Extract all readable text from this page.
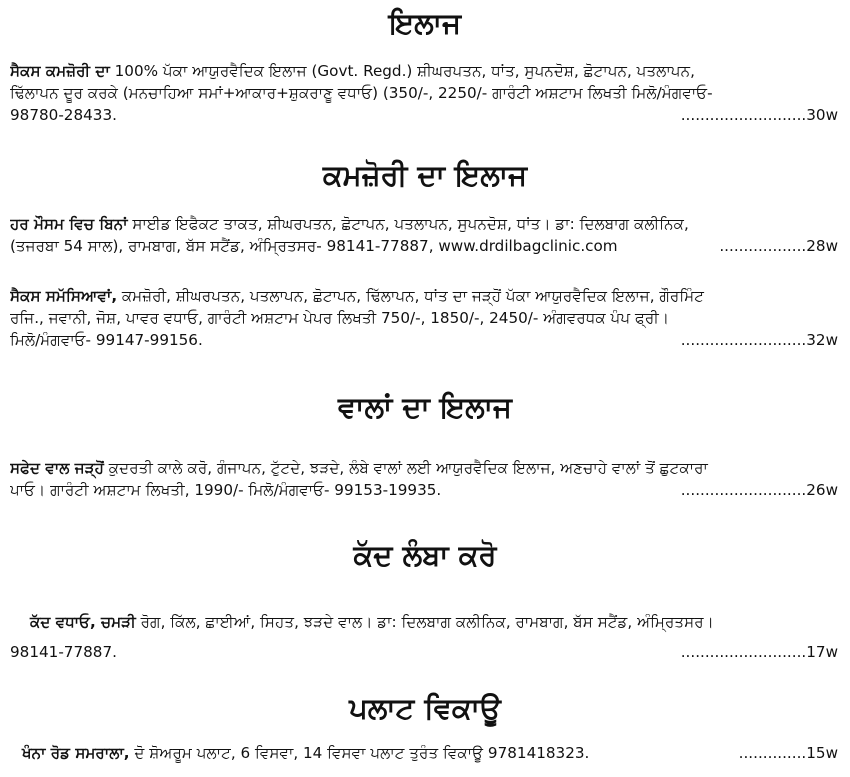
ਇਲਾਜ
ਸੈਕਸ ਕਮਜ਼ੋਰੀ ਦਾ 100% ਪੱਕਾ ਆਯੁਰਵੈਦਿਕ ਇਲਾਜ (Govt. Regd.) ਸ਼ੀਘਰਪਤਨ, ਧਾਂਤ, ਸੁਪਨਦੋਸ਼, ਛੋਟਾਪਨ, ਪਤਲਾਪਨ,
ਢਿੱਲਾਪਨ ਦੂਰ ਕਰਕੇ (ਮਨਚਾਹਿਆ ਸਮਾਂ+ਆਕਾਰ+ਸ਼ੁਕਰਾਣੂ ਵਧਾਓ) (350/-, 2250/- ਗਾਰੰਟੀ ਅਸ਼ਟਾਮ ਲਿਖਤੀ ਮਿਲੋ/ਮੰਗਵਾਓ-
98780-28433.	..........................30w
ਕਮਜ਼ੋਰੀ ਦਾ ਇਲਾਜ
ਹਰ ਮੌਸਮ ਵਿਚ ਬਿਨਾਂ ਸਾਈਡ ਇਫੈਕਟ ਤਾਕਤ, ਸ਼ੀਘਰਪਤਨ, ਛੋਟਾਪਨ, ਪਤਲਾਪਨ, ਸੁਪਨਦੋਸ਼, ਧਾਂਤ। ਡਾ: ਦਿਲਬਾਗ ਕਲੀਨਿਕ,
(ਤਜਰਬਾ 54 ਸਾਲ), ਰਾਮਬਾਗ, ਬੱਸ ਸਟੈਂਡ, ਅੰਮ੍ਰਿਤਸਰ- 98141-77887, www.drdilbagclinic.com	..................28w
ਸੈਕਸ ਸਮੱਸਿਆਵਾਂ, ਕਮਜ਼ੋਰੀ, ਸ਼ੀਘਰਪਤਨ, ਪਤਲਾਪਨ, ਛੋਟਾਪਨ, ਢਿੱਲਾਪਨ, ਧਾਂਤ ਦਾ ਜੜ੍ਹੋਂ ਪੱਕਾ ਆਯੁਰਵੈਦਿਕ ਇਲਾਜ, ਗੌਰਮਿੰਟ
ਰਜਿ., ਜਵਾਨੀ, ਜੋਸ਼, ਪਾਵਰ ਵਧਾਓ, ਗਾਰੰਟੀ ਅਸ਼ਟਾਮ ਪੇਪਰ ਲਿਖਤੀ 750/-, 1850/-, 2450/- ਅੰਗਵਰਧਕ ਪੰਪ ਫ੍ਰੀ।
ਮਿਲੋ/ਮੰਗਵਾਓ- 99147-99156.	..........................32w
ਵਾਲਾਂ ਦਾ ਇਲਾਜ
ਸਫੇਦ ਵਾਲ ਜੜ੍ਹੋਂ ਕੁਦਰਤੀ ਕਾਲੇ ਕਰੋ, ਗੰਜਾਪਨ, ਟੁੱਟਦੇ, ਝੜਦੇ, ਲੰਬੇ ਵਾਲਾਂ ਲਈ ਆਯੁਰਵੈਦਿਕ ਇਲਾਜ, ਅਣਚਾਹੇ ਵਾਲਾਂ ਤੋਂ ਛੁਟਕਾਰਾ
ਪਾਓ। ਗਾਰੰਟੀ ਅਸ਼ਟਾਮ ਲਿਖਤੀ, 1990/- ਮਿਲੋ/ਮੰਗਵਾਓ- 99153-19935.	..........................26w
ਕੱਦ ਲੰਬਾ ਕਰੋ
ਕੱਦ ਵਧਾਓ, ਚਮੜੀ ਰੋਗ, ਕਿੱਲ, ਛਾਈਆਂ, ਸਿਹਤ, ਝੜਦੇ ਵਾਲ। ਡਾ: ਦਿਲਬਾਗ ਕਲੀਨਿਕ, ਰਾਮਬਾਗ, ਬੱਸ ਸਟੈਂਡ, ਅੰਮ੍ਰਿਤਸਰ।
98141-77887.	..........................17w
ਪਲਾਟ ਵਿਕਾਊ
ਖੰਨਾ ਰੋਡ ਸਮਰਾਲਾ, ਦੋ ਸ਼ੋਅਰੂਮ ਪਲਾਟ, 6 ਵਿਸਵਾ, 14 ਵਿਸਵਾ ਪਲਾਟ ਤੁਰੰਤ ਵਿਕਾਊ 9781418323.	..............15w
